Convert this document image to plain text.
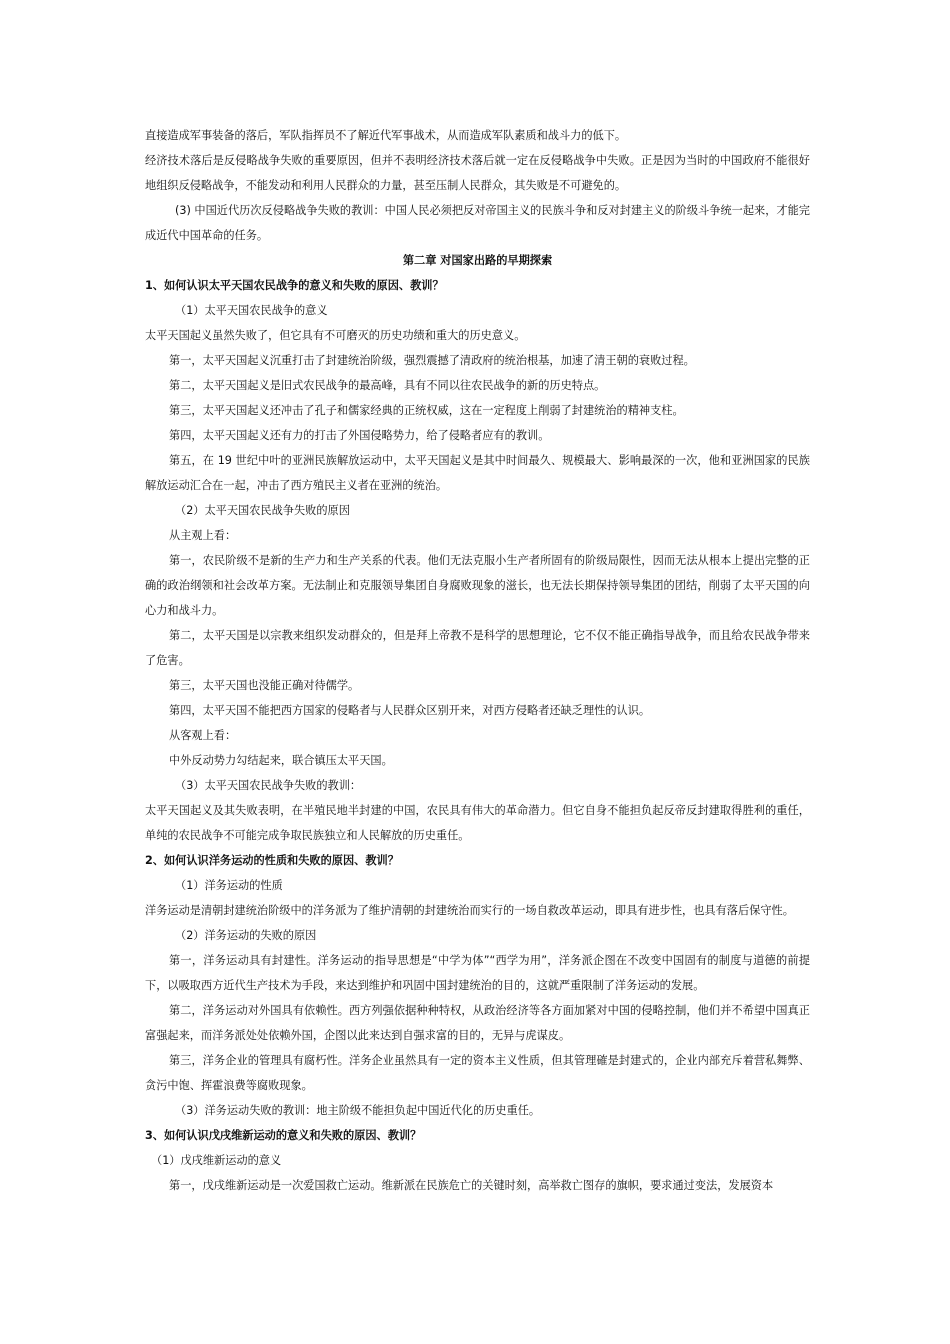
直接造成军事装备的落后，军队指挥员不了解近代军事战术，从而造成军队素质和战斗力的低下。

经济技术落后是反侵略战争失败的重要原因，但并不表明经济技术落后就一定在反侵略战争中失败。正是因为当时的中国政府不能很好地组织反侵略战争，不能发动和利用人民群众的力量，甚至压制人民群众，其失败是不可避免的。

(3) 中国近代历次反侵略战争失败的教训：中国人民必须把反对帝国主义的民族斗争和反对封建主义的阶级斗争统一起来，才能完成近代中国革命的任务。

第二章 对国家出路的早期探索

1、如何认识太平天国农民战争的意义和失败的原因、教训？

（1）太平天国农民战争的意义

太平天国起义虽然失败了，但它具有不可磨灭的历史功绩和重大的历史意义。

第一，太平天国起义沉重打击了封建统治阶级，强烈震撼了清政府的统治根基，加速了清王朝的衰败过程。

第二，太平天国起义是旧式农民战争的最高峰，具有不同以往农民战争的新的历史特点。

第三，太平天国起义还冲击了孔子和儒家经典的正统权威，这在一定程度上削弱了封建统治的精神支柱。

第四，太平天国起义还有力的打击了外国侵略势力，给了侵略者应有的教训。

第五，在 19 世纪中叶的亚洲民族解放运动中，太平天国起义是其中时间最久、规模最大、影响最深的一次，他和亚洲国家的民族解放运动汇合在一起，冲击了西方殖民主义者在亚洲的统治。

（2）太平天国农民战争失败的原因

从主观上看：

第一，农民阶级不是新的生产力和生产关系的代表。他们无法克服小生产者所固有的阶级局限性，因而无法从根本上提出完整的正确的政治纲领和社会改革方案。无法制止和克服领导集团自身腐败现象的滋长，也无法长期保持领导集团的团结，削弱了太平天国的向心力和战斗力。

第二，太平天国是以宗教来组织发动群众的，但是拜上帝教不是科学的思想理论，它不仅不能正确指导战争，而且给农民战争带来了危害。

第三，太平天国也没能正确对待儒学。

第四，太平天国不能把西方国家的侵略者与人民群众区别开来，对西方侵略者还缺乏理性的认识。

从客观上看：

中外反动势力勾结起来，联合镇压太平天国。

（3）太平天国农民战争失败的教训：

太平天国起义及其失败表明，在半殖民地半封建的中国，农民具有伟大的革命潜力。但它自身不能担负起反帝反封建取得胜利的重任，单纯的农民战争不可能完成争取民族独立和人民解放的历史重任。

2、如何认识洋务运动的性质和失败的原因、教训？

（1）洋务运动的性质

洋务运动是清朝封建统治阶级中的洋务派为了维护清朝的封建统治而实行的一场自救改革运动，即具有进步性，也具有落后保守性。

（2）洋务运动的失败的原因

第一，洋务运动具有封建性。洋务运动的指导思想是“中学为体”“西学为用”，洋务派企图在不改变中国固有的制度与道德的前提下，以吸取西方近代生产技术为手段，来达到维护和巩固中国封建统治的目的，这就严重限制了洋务运动的发展。

第二，洋务运动对外国具有依赖性。西方列强依据种种特权，从政治经济等各方面加紧对中国的侵略控制，他们并不希望中国真正富强起来，而洋务派处处依赖外国，企图以此来达到自强求富的目的，无异与虎谋皮。

第三，洋务企业的管理具有腐朽性。洋务企业虽然具有一定的资本主义性质，但其管理確是封建式的，企业内部充斥着营私舞弊、贪污中饱、挥霍浪费等腐败现象。

（3）洋务运动失败的教训：地主阶级不能担负起中国近代化的历史重任。

3、如何认识戊戌维新运动的意义和失败的原因、教训？

（1）戊戌维新运动的意义

第一，戊戌维新运动是一次爱国救亡运动。维新派在民族危亡的关键时刻，高举救亡图存的旗帜，要求通过变法，发展资本
